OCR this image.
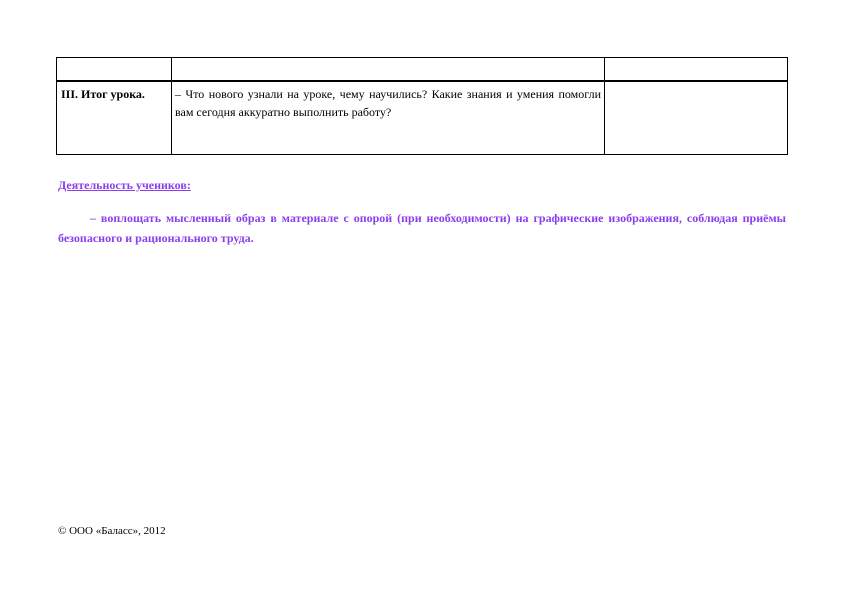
III. Итог урока.	– Что нового узнали на уроке, чему научились? Какие знания и умения помогли вам сегодня аккуратно выполнить работу?	

Деятельность учеников:
– воплощать мысленный образ в материале с опорой (при необходимости) на графические изображения, соблюдая приёмы безопасного и рационального труда.
© ООО «Баласс», 2012
